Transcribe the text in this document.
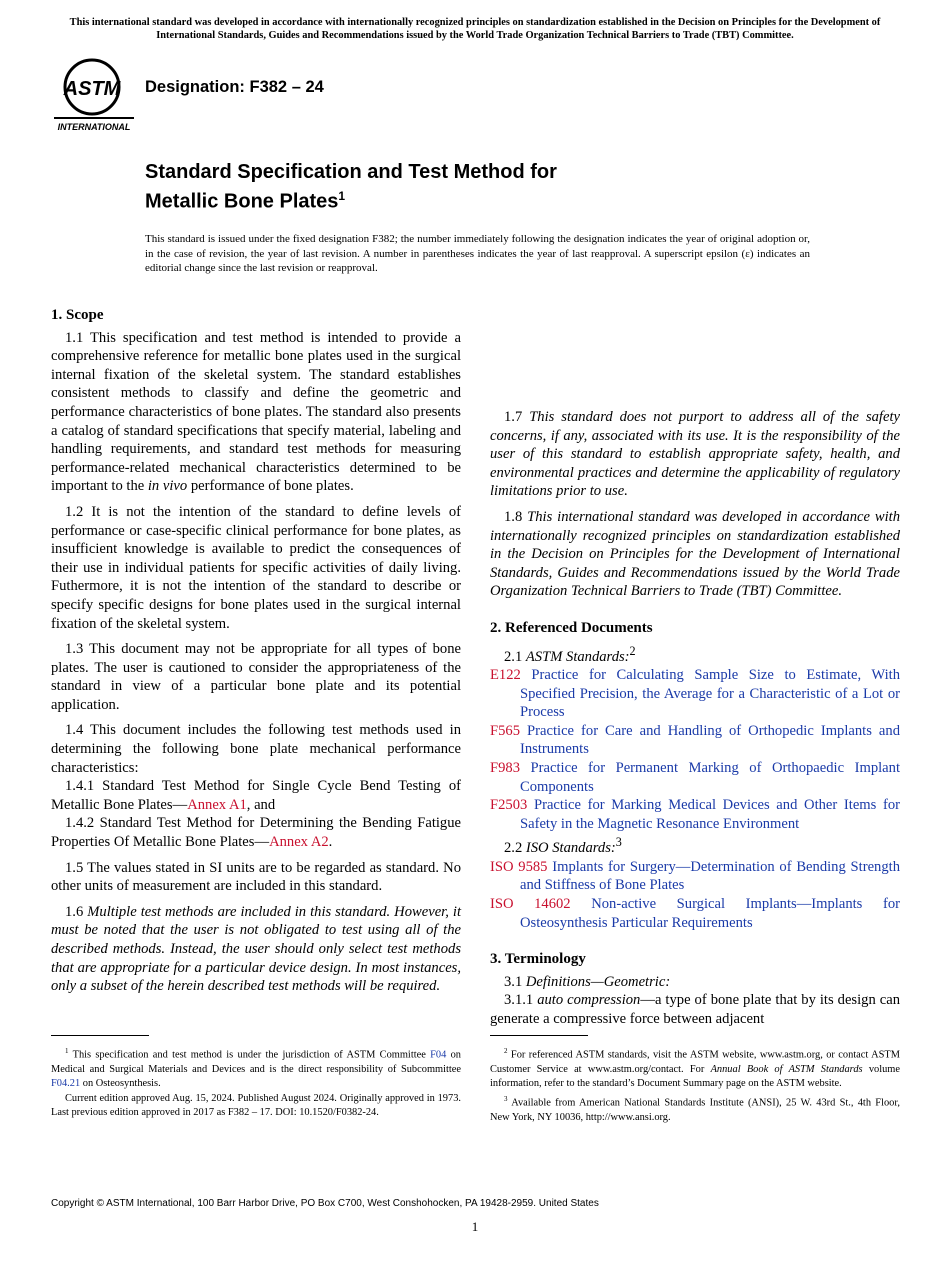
This international standard was developed in accordance with internationally recognized principles on standardization established in the Decision on Principles for the Development of International Standards, Guides and Recommendations issued by the World Trade Organization Technical Barriers to Trade (TBT) Committee.
ASTM
INTERNATIONAL
Designation: F382 – 24
Standard Specification and Test Method for
Metallic Bone Plates$^1$
This standard is issued under the fixed designation F382; the number immediately following the designation indicates the year of original adoption or, in the case of revision, the year of last revision. A number in parentheses indicates the year of last reapproval. A superscript epsilon (ε) indicates an editorial change since the last revision or reapproval.
1. Scope

1.1 This specification and test method is intended to provide a comprehensive reference for metallic bone plates used in the surgical internal fixation of the skeletal system. The standard establishes consistent methods to classify and define the geometric and performance characteristics of bone plates. The standard also presents a catalog of standard specifications that specify material, labeling and handling requirements, and standard test methods for measuring performance-related mechanical characteristics determined to be important to the in vivo performance of bone plates.

1.2 It is not the intention of the standard to define levels of performance or case-specific clinical performance for bone plates, as insufficient knowledge is available to predict the consequences of their use in individual patients for specific activities of daily living. Futhermore, it is not the intention of the standard to describe or specify specific designs for bone plates used in the surgical internal fixation of the skeletal system.

1.3 This document may not be appropriate for all types of bone plates. The user is cautioned to consider the appropriateness of the standard in view of a particular bone plate and its potential application.

1.4 This document includes the following test methods used in determining the following bone plate mechanical performance characteristics:

1.4.1 Standard Test Method for Single Cycle Bend Testing of Metallic Bone Plates—Annex A1, and

1.4.2 Standard Test Method for Determining the Bending Fatigue Properties Of Metallic Bone Plates—Annex A2.

1.5 The values stated in SI units are to be regarded as standard. No other units of measurement are included in this standard.

1.6 Multiple test methods are included in this standard. However, it must be noted that the user is not obligated to test using all of the described methods. Instead, the user should only select test methods that are appropriate for a particular device design. In most instances, only a subset of the herein described test methods will be required.

1.7 This standard does not purport to address all of the safety concerns, if any, associated with its use. It is the responsibility of the user of this standard to establish appropriate safety, health, and environmental practices and determine the applicability of regulatory limitations prior to use.

1.8 This international standard was developed in accordance with internationally recognized principles on standardization established in the Decision on Principles for the Development of International Standards, Guides and Recommendations issued by the World Trade Organization Technical Barriers to Trade (TBT) Committee.

2. Referenced Documents

2.1 ASTM Standards:$^2$

E122 Practice for Calculating Sample Size to Estimate, With Specified Precision, the Average for a Characteristic of a Lot or Process
F565 Practice for Care and Handling of Orthopedic Implants and Instruments
F983 Practice for Permanent Marking of Orthopaedic Implant Components
F2503 Practice for Marking Medical Devices and Other Items for Safety in the Magnetic Resonance Environment

2.2 ISO Standards:$^3$

ISO 9585 Implants for Surgery—Determination of Bending Strength and Stiffness of Bone Plates
ISO 14602 Non-active Surgical Implants—Implants for Osteosynthesis Particular Requirements
3. Terminology

3.1 Definitions—Geometric:

3.1.1 auto compression—a type of bone plate that by its design can generate a compressive force between adjacent

$^1$ This specification and test method is under the jurisdiction of ASTM Committee F04 on Medical and Surgical Materials and Devices and is the direct responsibility of Subcommittee F04.21 on Osteosynthesis.

Current edition approved Aug. 15, 2024. Published August 2024. Originally approved in 1973. Last previous edition approved in 2017 as F382 – 17. DOI: 10.1520/F0382-24.

$^2$ For referenced ASTM standards, visit the ASTM website, www.astm.org, or contact ASTM Customer Service at www.astm.org/contact. For Annual Book of ASTM Standards volume information, refer to the standard’s Document Summary page on the ASTM website.

$^3$ Available from American National Standards Institute (ANSI), 25 W. 43rd St., 4th Floor, New York, NY 10036, http://www.ansi.org.

Copyright © ASTM International, 100 Barr Harbor Drive, PO Box C700, West Conshohocken, PA 19428-2959. United States
1
